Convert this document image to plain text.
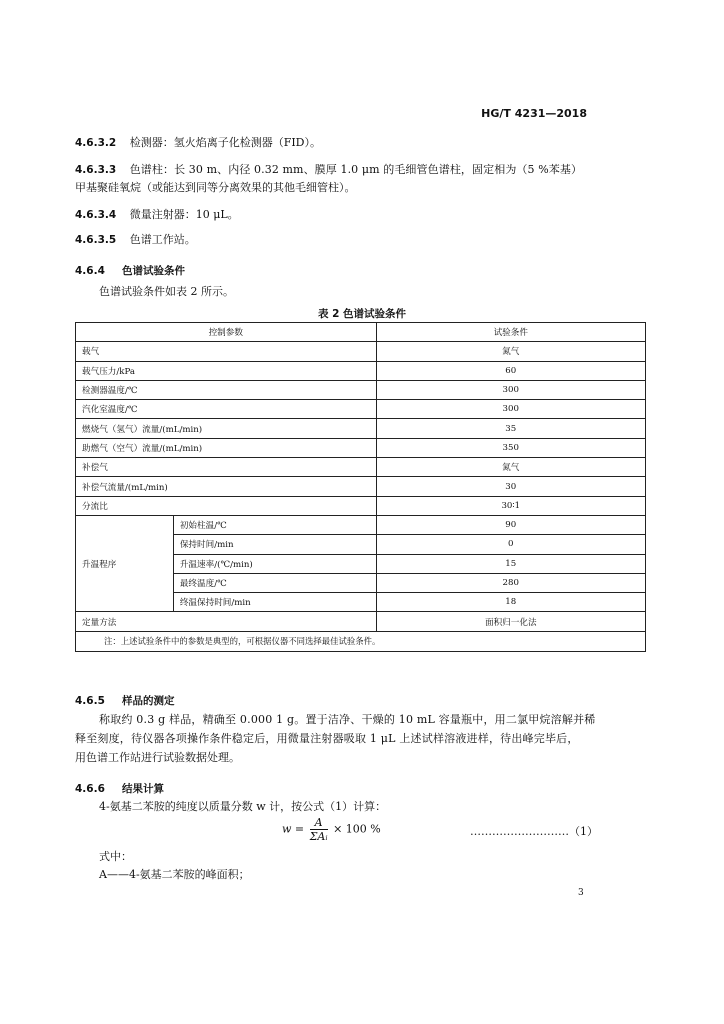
HG/T 4231—2018
4.6.3.2 检测器：氢火焰离子化检测器（FID）。
4.6.3.3 色谱柱：长 30 m、内径 0.32 mm、膜厚 1.0 μm 的毛细管色谱柱，固定相为（5 %苯基）
甲基聚硅氧烷（或能达到同等分离效果的其他毛细管柱）。
4.6.3.4 微量注射器：10 μL。
4.6.3.5 色谱工作站。
4.6.4 色谱试验条件
色谱试验条件如表 2 所示。
表 2 色谱试验条件
控制参数		试验条件
载气		氮气
载气压力/kPa		60
检测器温度/℃		300
汽化室温度/℃		300
燃烧气（氢气）流量/(mL/min)		35
助燃气（空气）流量/(mL/min)		350
补偿气		氮气
补偿气流量/(mL/min)		30
分流比		30∶1
升温程序	初始柱温/℃	90
	保持时间/min	0
	升温速率/(℃/min)	15
	最终温度/℃	280
	终温保持时间/min	18
定量方法		面积归一化法
注：上述试验条件中的参数是典型的，可根据仪器不同选择最佳试验条件。		
4.6.5 样品的测定
称取约 0.3 g 样品，精确至 0.000 1 g。置于洁净、干燥的 10 mL 容量瓶中，用二氯甲烷溶解并稀
释至刻度，待仪器各项操作条件稳定后，用微量注射器吸取 1 μL 上述试样溶液进样，待出峰完毕后，
用色谱工作站进行试验数据处理。
4.6.6 结果计算
4-氨基二苯胺的纯度以质量分数 w 计，按公式（1）计算：
$w = \frac{A}{\text{ΣAᵢ}} \times 100$ %	………………………（1）
式中：
A——4-氨基二苯胺的峰面积；
3
